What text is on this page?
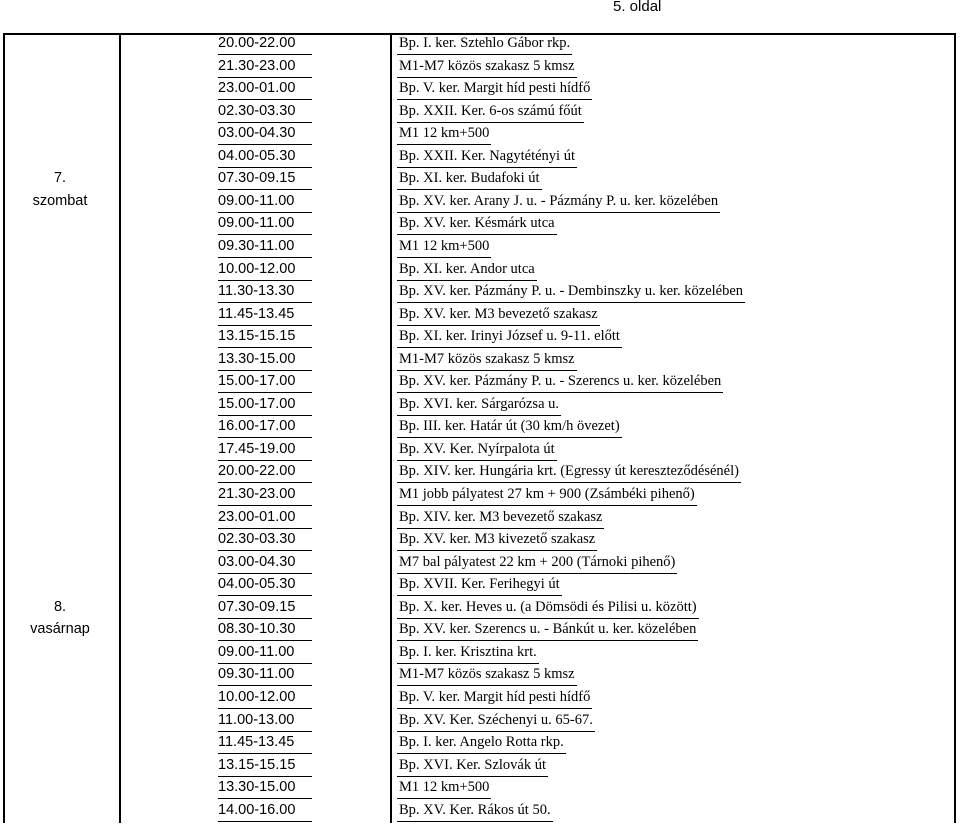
5. oldal
20.00-22.00	Bp. I. ker. Sztehlo Gábor rkp.
21.30-23.00	M1-M7 közös szakasz 5 kmsz
23.00-01.00	Bp. V. ker. Margit híd pesti hídfő
02.30-03.30	Bp. XXII. Ker. 6-os számú főút
03.00-04.30	M1 12 km+500
04.00-05.30	Bp. XXII. Ker. Nagytétényi út
7.	07.30-09.15	Bp. XI. ker. Budafoki út
szombat	09.00-11.00	Bp. XV. ker. Arany J. u. - Pázmány P. u. ker. közelében
09.00-11.00	Bp. XV. ker. Késmárk utca
09.30-11.00	M1 12 km+500
10.00-12.00	Bp. XI. ker. Andor utca
11.30-13.30	Bp. XV. ker. Pázmány P. u. - Dembinszky u. ker. közelében
11.45-13.45	Bp. XV. ker. M3 bevezető szakasz
13.15-15.15	Bp. XI. ker. Irinyi József u. 9-11. előtt
13.30-15.00	M1-M7 közös szakasz 5 kmsz
15.00-17.00	Bp. XV. ker. Pázmány P. u. - Szerencs u. ker. közelében
15.00-17.00	Bp. XVI. ker. Sárgarózsa u.
16.00-17.00	Bp. III. ker. Határ út (30 km/h övezet)
17.45-19.00	Bp. XV. Ker. Nyírpalota út
20.00-22.00	Bp. XIV. ker. Hungária krt. (Egressy út kereszteződésénél)
21.30-23.00	M1 jobb pályatest 27 km + 900 (Zsámbéki pihenő)
23.00-01.00	Bp. XIV. ker. M3 bevezető szakasz
02.30-03.30	Bp. XV. ker. M3 kivezető szakasz
03.00-04.30	M7 bal pályatest 22 km + 200 (Tárnoki pihenő)
04.00-05.30	Bp. XVII. Ker. Ferihegyi út
8.	07.30-09.15	Bp. X. ker. Heves u. (a Dömsödi és Pilisi u. között)
vasárnap	08.30-10.30	Bp. XV. ker. Szerencs u. - Bánkút u. ker. közelében
09.00-11.00	Bp. I. ker. Krisztina krt.
09.30-11.00	M1-M7 közös szakasz 5 kmsz
10.00-12.00	Bp. V. ker. Margit híd pesti hídfő
11.00-13.00	Bp. XV. Ker. Széchenyi u. 65-67.
11.45-13.45	Bp. I. ker. Angelo Rotta rkp.
13.15-15.15	Bp. XVI. Ker. Szlovák út
13.30-15.00	M1 12 km+500
14.00-16.00	Bp. XV. Ker. Rákos út 50.
